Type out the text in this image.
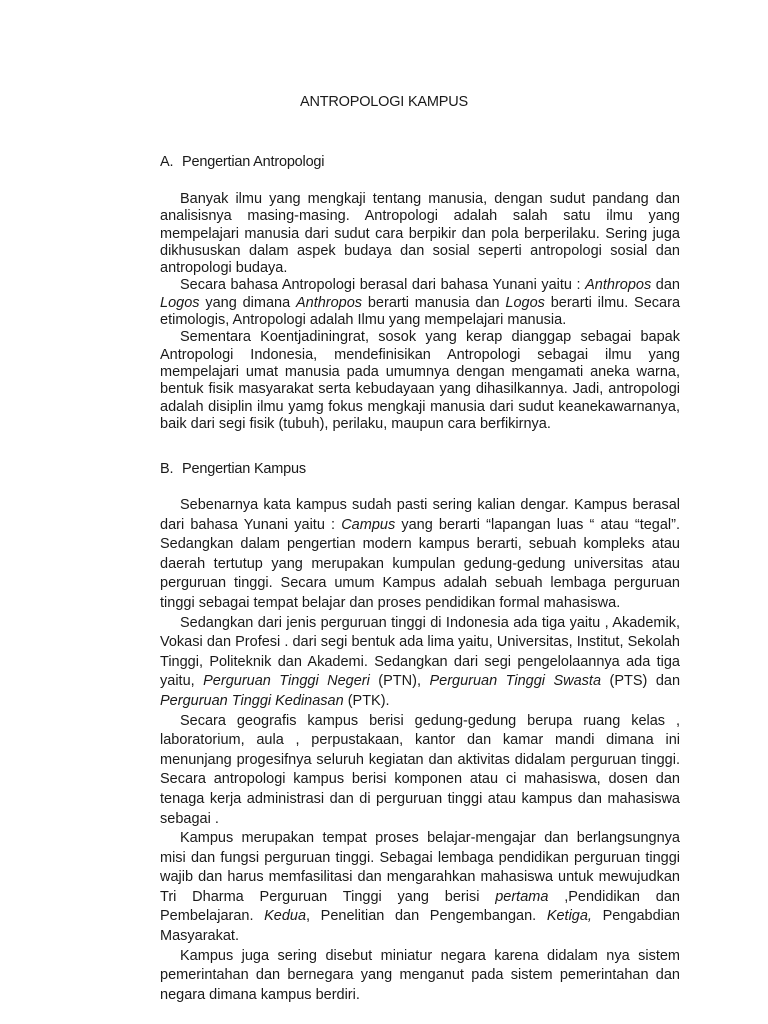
ANTROPOLOGI KAMPUS
A. Pengertian Antropologi

Banyak ilmu yang mengkaji tentang manusia, dengan sudut pandang dan analisisnya masing-masing. Antropologi adalah salah satu ilmu yang mempelajari manusia dari sudut cara berpikir dan pola berperilaku. Sering juga dikhususkan dalam aspek budaya dan sosial seperti antropologi sosial dan antropologi budaya.

Secara bahasa Antropologi berasal dari bahasa Yunani yaitu : Anthropos dan Logos yang dimana Anthropos berarti manusia dan Logos berarti ilmu. Secara etimologis, Antropologi adalah Ilmu yang mempelajari manusia.

Sementara Koentjadiningrat, sosok yang kerap dianggap sebagai bapak Antropologi Indonesia, mendefinisikan Antropologi sebagai ilmu yang mempelajari umat manusia pada umumnya dengan mengamati aneka warna, bentuk fisik masyarakat serta kebudayaan yang dihasilkannya. Jadi, antropologi adalah disiplin ilmu yamg fokus mengkaji manusia dari sudut keanekawarnanya, baik dari segi fisik (tubuh), perilaku, maupun cara berfikirnya.

B. Pengertian Kampus

Sebenarnya kata kampus sudah pasti sering kalian dengar. Kampus berasal dari bahasa Yunani yaitu : Campus yang berarti “lapangan luas “ atau “tegal”. Sedangkan dalam pengertian modern kampus berarti, sebuah kompleks atau daerah tertutup yang merupakan kumpulan gedung-gedung universitas atau perguruan tinggi. Secara umum Kampus adalah sebuah lembaga perguruan tinggi sebagai tempat belajar dan proses pendidikan formal mahasiswa.

Sedangkan dari jenis perguruan tinggi di Indonesia ada tiga yaitu , Akademik, Vokasi dan Profesi . dari segi bentuk ada lima yaitu, Universitas, Institut, Sekolah Tinggi, Politeknik dan Akademi. Sedangkan dari segi pengelolaannya ada tiga yaitu, Perguruan Tinggi Negeri (PTN), Perguruan Tinggi Swasta (PTS) dan Perguruan Tinggi Kedinasan (PTK).

Secara geografis kampus berisi gedung-gedung berupa ruang kelas , laboratorium, aula , perpustakaan, kantor dan kamar mandi dimana ini menunjang progesifnya seluruh kegiatan dan aktivitas didalam perguruan tinggi. Secara antropologi kampus berisi komponen atau ci mahasiswa, dosen dan tenaga kerja administrasi dan di perguruan tinggi atau kampus dan mahasiswa sebagai .

Kampus merupakan tempat proses belajar-mengajar dan berlangsungnya misi dan fungsi perguruan tinggi. Sebagai lembaga pendidikan perguruan tinggi wajib dan harus memfasilitasi dan mengarahkan mahasiswa untuk mewujudkan Tri Dharma Perguruan Tinggi yang berisi pertama ,Pendidikan dan Pembelajaran. Kedua, Penelitian dan Pengembangan. Ketiga, Pengabdian Masyarakat.

Kampus juga sering disebut miniatur negara karena didalam nya sistem pemerintahan dan bernegara yang menganut pada sistem pemerintahan dan negara dimana kampus berdiri.
